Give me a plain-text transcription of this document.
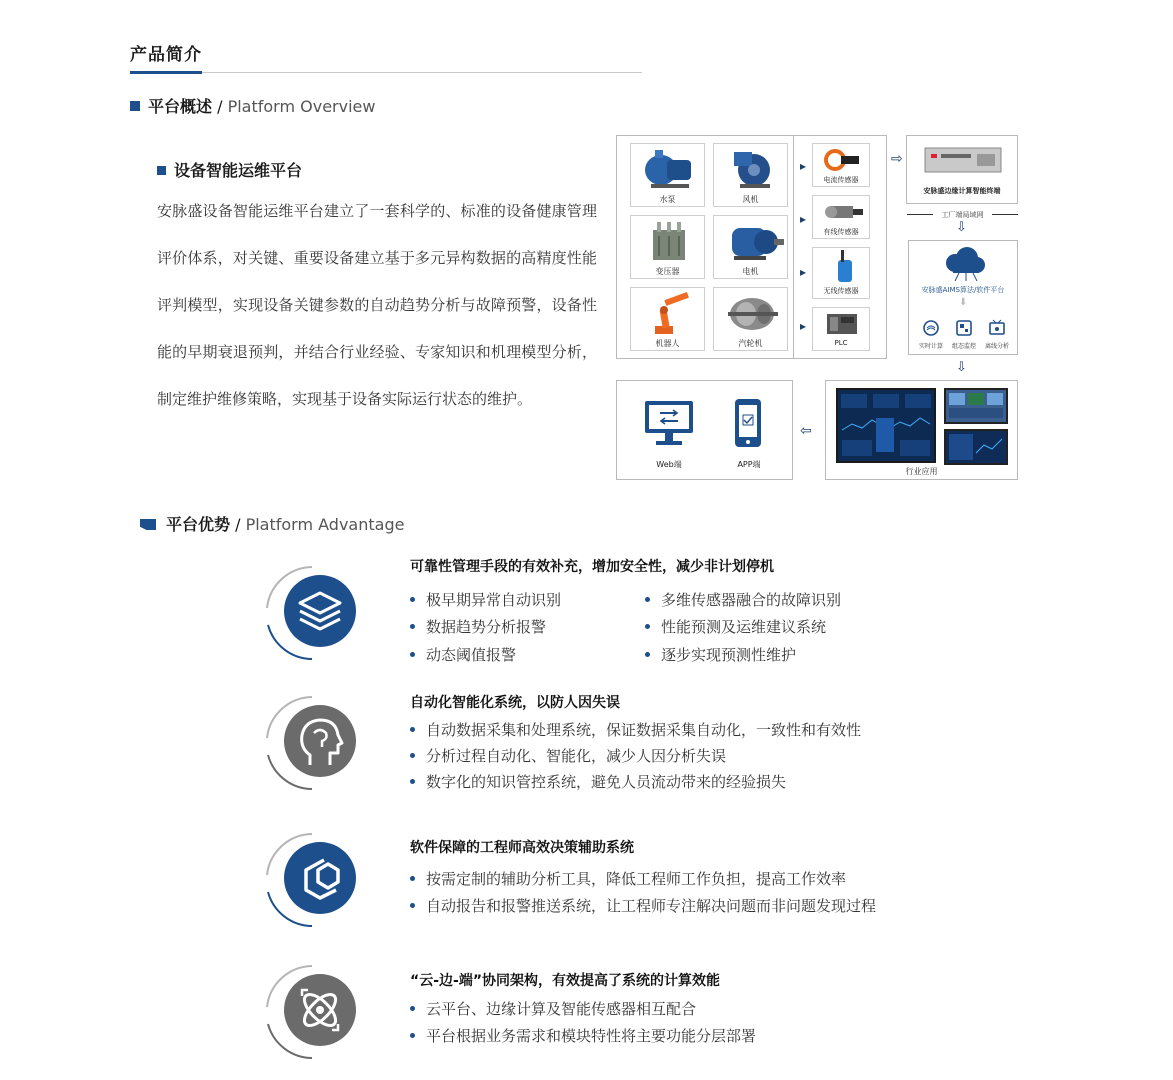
产品简介
平台概述 / Platform Overview
设备智能运维平台
安脉盛设备智能运维平台建立了一套科学的、标准的设备健康管理评价体系，对关键、重要设备建立基于多元异构数据的高精度性能评判模型，实现设备关键参数的自动趋势分析与故障预警，设备性能的早期衰退预判，并结合行业经验、专家知识和机理模型分析，制定维护维修策略，实现基于设备实际运行状态的维护。
水泵	风机
变压器	电机
机器人	汽轮机
电流传感器
有线传感器
无线传感器
PLC
▸
▸
▸
▸
⇨
安脉盛边缘计算智能终端
工厂端局域网
⇩
安脉盛AIMS算法/软件平台
⬇
实时计算	组态监控	离线分析
⇩
行业应用
⇦
Web端	APP端
平台优势 / Platform Advantage
可靠性管理手段的有效补充，增加安全性，减少非计划停机
极早期异常自动识别
数据趋势分析报警
动态阈值报警
多维传感器融合的故障识别
性能预测及运维建议系统
逐步实现预测性维护
自动化智能化系统，以防人因失误
自动数据采集和处理系统，保证数据采集自动化，一致性和有效性
分析过程自动化、智能化，减少人因分析失误
数字化的知识管控系统，避免人员流动带来的经验损失
软件保障的工程师高效决策辅助系统
按需定制的辅助分析工具，降低工程师工作负担，提高工作效率
自动报告和报警推送系统，让工程师专注解决问题而非问题发现过程
“云-边-端”协同架构，有效提高了系统的计算效能
云平台、边缘计算及智能传感器相互配合
平台根据业务需求和模块特性将主要功能分层部署
